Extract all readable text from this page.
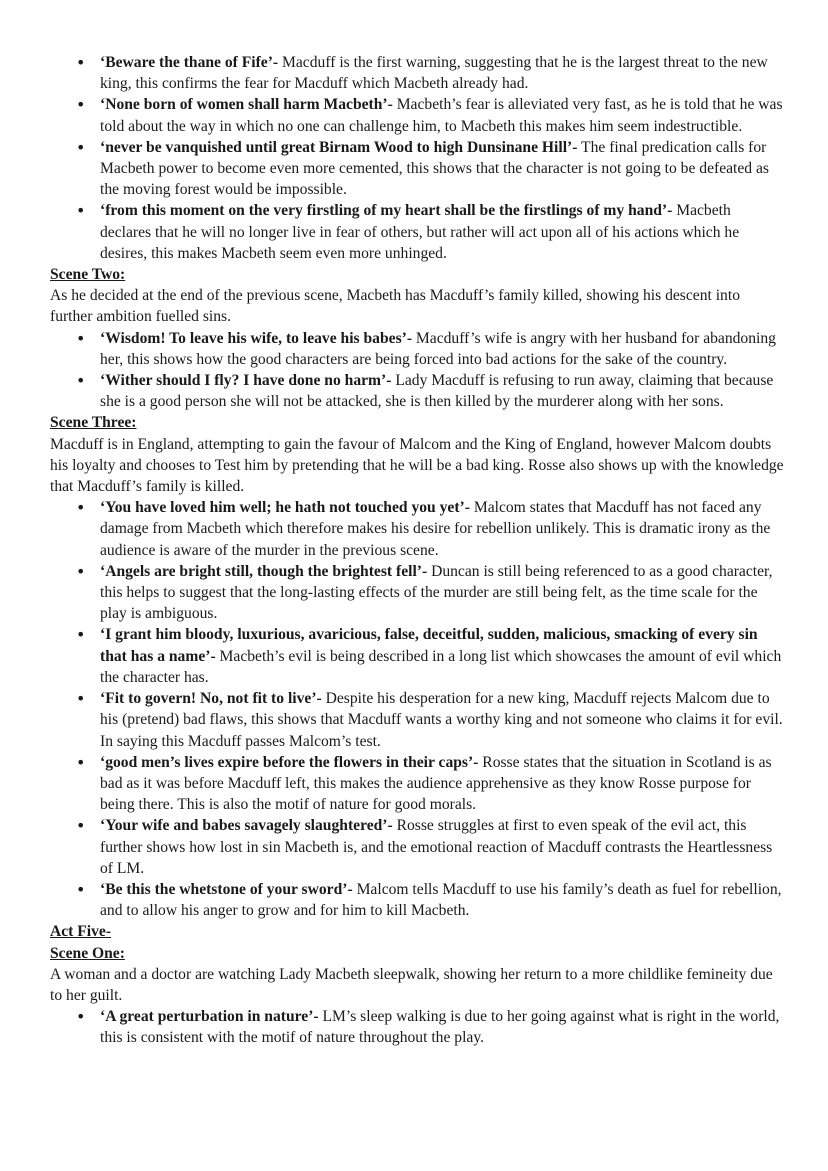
• ‘Beware the thane of Fife’- Macduff is the first warning, suggesting that he is the largest threat to the new king, this confirms the fear for Macduff which Macbeth already had.
• ‘None born of women shall harm Macbeth’- Macbeth’s fear is alleviated very fast, as he is told that he was told about the way in which no one can challenge him, to Macbeth this makes him seem indestructible.
• ‘never be vanquished until great Birnam Wood to high Dunsinane Hill’- The final predication calls for Macbeth power to become even more cemented, this shows that the character is not going to be defeated as the moving forest would be impossible.
• ‘from this moment on the very firstling of my heart shall be the firstlings of my hand’- Macbeth declares that he will no longer live in fear of others, but rather will act upon all of his actions which he desires, this makes Macbeth seem even more unhinged.
Scene Two:

As he decided at the end of the previous scene, Macbeth has Macduff’s family killed, showing his descent into further ambition fuelled sins.

• ‘Wisdom! To leave his wife, to leave his babes’- Macduff’s wife is angry with her husband for abandoning her, this shows how the good characters are being forced into bad actions for the sake of the country.
• ‘Wither should I fly? I have done no harm’- Lady Macduff is refusing to run away, claiming that because she is a good person she will not be attacked, she is then killed by the murderer along with her sons.
Scene Three:

Macduff is in England, attempting to gain the favour of Malcom and the King of England, however Malcom doubts his loyalty and chooses to Test him by pretending that he will be a bad king. Rosse also shows up with the knowledge that Macduff’s family is killed.

• ‘You have loved him well; he hath not touched you yet’- Malcom states that Macduff has not faced any damage from Macbeth which therefore makes his desire for rebellion unlikely. This is dramatic irony as the audience is aware of the murder in the previous scene.
• ‘Angels are bright still, though the brightest fell’- Duncan is still being referenced to as a good character, this helps to suggest that the long-lasting effects of the murder are still being felt, as the time scale for the play is ambiguous.
• ‘I grant him bloody, luxurious, avaricious, false, deceitful, sudden, malicious, smacking of every sin that has a name’- Macbeth’s evil is being described in a long list which showcases the amount of evil which the character has.
• ‘Fit to govern! No, not fit to live’- Despite his desperation for a new king, Macduff rejects Malcom due to his (pretend) bad flaws, this shows that Macduff wants a worthy king and not someone who claims it for evil. In saying this Macduff passes Malcom’s test.
• ‘good men’s lives expire before the flowers in their caps’- Rosse states that the situation in Scotland is as bad as it was before Macduff left, this makes the audience apprehensive as they know Rosse purpose for being there. This is also the motif of nature for good morals.
• ‘Your wife and babes savagely slaughtered’- Rosse struggles at first to even speak of the evil act, this further shows how lost in sin Macbeth is, and the emotional reaction of Macduff contrasts the Heartlessness of LM.
• ‘Be this the whetstone of your sword’- Malcom tells Macduff to use his family’s death as fuel for rebellion, and to allow his anger to grow and for him to kill Macbeth.
Act Five-
Scene One:

A woman and a doctor are watching Lady Macbeth sleepwalk, showing her return to a more childlike femineity due to her guilt.

• ‘A great perturbation in nature’- LM’s sleep walking is due to her going against what is right in the world, this is consistent with the motif of nature throughout the play.
